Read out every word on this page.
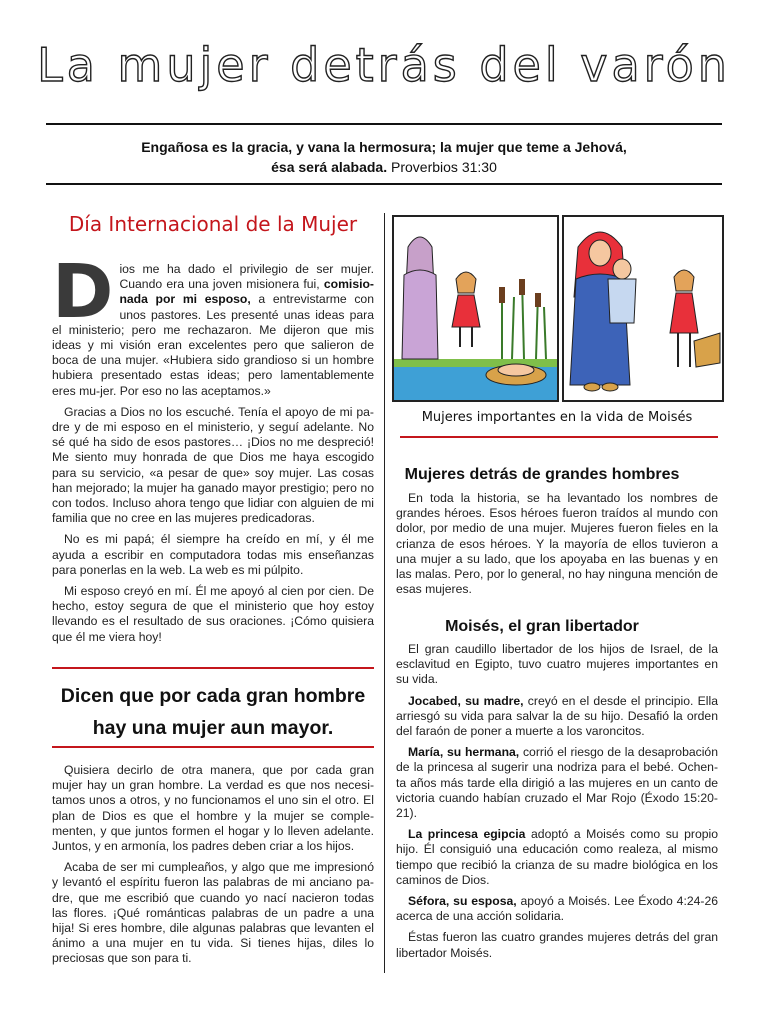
La mujer detrás del varón
Engañosa es la gracia, y vana la hermosura; la mujer que teme a Jehová,
ésa será alabada. Proverbios 31:30
Día Internacional de la Mujer

Dios me ha dado el privilegio de ser mujer. Cuando era una joven misionera fui, comisio-nada por mi esposo, a entrevistarme con unos pastores. Les presenté unas ideas para el ministerio; pero me rechazaron. Me dijeron que mis ideas y mi visión eran excelentes pero que salieron de boca de una mujer. «Hubiera sido grandioso si un hombre hubiera presentado estas ideas; pero lamentablemente eres mu-jer. Por eso no las aceptamos.»

Gracias a Dios no los escuché. Tenía el apoyo de mi pa-dre y de mi esposo en el ministerio, y seguí adelante. No sé qué ha sido de esos pastores… ¡Dios no me despreció! Me siento muy honrada de que Dios me haya escogido para su servicio, «a pesar de que» soy mujer. Las cosas han mejorado; la mujer ha ganado mayor prestigio; pero no con todos. Incluso ahora tengo que lidiar con alguien de mi familia que no cree en las mujeres predicadoras.

No es mi papá; él siempre ha creído en mí, y él me ayuda a escribir en computadora todas mis enseñanzas para ponerlas en la web. La web es mi púlpito.

Mi esposo creyó en mí. Él me apoyó al cien por cien. De hecho, estoy segura de que el ministerio que hoy estoy llevando es el resultado de sus oraciones. ¡Cómo quisiera que él me viera hoy!

Dicen que por cada gran hombre
hay una mujer aun mayor.

Quisiera decirlo de otra manera, que por cada gran mujer hay un gran hombre. La verdad es que nos necesi-tamos unos a otros, y no funcionamos el uno sin el otro. El plan de Dios es que el hombre y la mujer se comple-menten, y que juntos formen el hogar y lo lleven adelante. Juntos, y en armonía, los padres deben criar a los hijos.

Acaba de ser mi cumpleaños, y algo que me impresionó y levantó el espíritu fueron las palabras de mi anciano pa-dre, que me escribió que cuando yo nací nacieron todas las flores. ¡Qué románticas palabras de un padre a una hija! Si eres hombre, dile algunas palabras que levanten el ánimo a una mujer en tu vida. Si tienes hijas, diles lo preciosas que son para ti.

Mujeres importantes en la vida de Moisés
Mujeres detrás de grandes hombres

En toda la historia, se ha levantado los nombres de grandes héroes. Esos héroes fueron traídos al mundo con dolor, por medio de una mujer. Mujeres fueron fieles en la crianza de esos héroes. Y la mayoría de ellos tuvieron a una mujer a su lado, que los apoyaba en las buenas y en las malas. Pero, por lo general, no hay ninguna mención de esas mujeres.

Moisés, el gran libertador

El gran caudillo libertador de los hijos de Israel, de la esclavitud en Egipto, tuvo cuatro mujeres importantes en su vida.

Jocabed, su madre, creyó en el desde el principio. Ella arriesgó su vida para salvar la de su hijo. Desafió la orden del faraón de poner a muerte a los varoncitos.

María, su hermana, corrió el riesgo de la desaprobación de la princesa al sugerir una nodriza para el bebé. Ochen-ta años más tarde ella dirigió a las mujeres en un canto de victoria cuando habían cruzado el Mar Rojo (Éxodo 15:20-21).

La princesa egipcia adoptó a Moisés como su propio hijo. Él consiguió una educación como realeza, al mismo tiempo que recibió la crianza de su madre biológica en los caminos de Dios.

Séfora, su esposa, apoyó a Moisés. Lee Éxodo 4:24-26 acerca de una acción solidaria.

Éstas fueron las cuatro grandes mujeres detrás del gran libertador Moisés.
